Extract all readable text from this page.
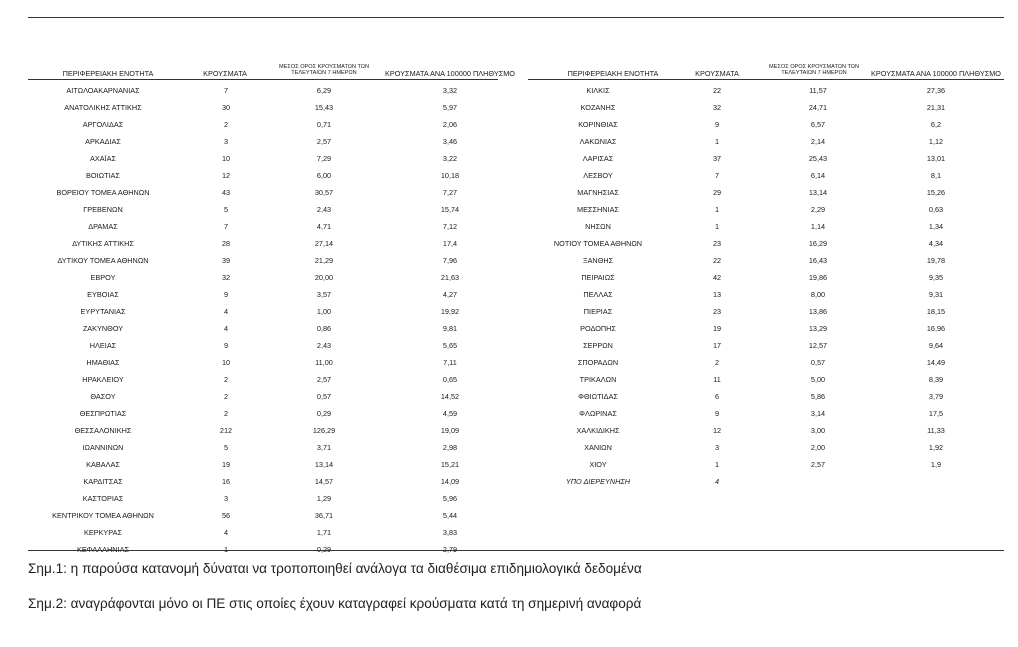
ΠΕΡΙΦΕΡΕΙΑΚΗ ΕΝΟΤΗΤΑ	ΚΡΟΥΣΜΑΤΑ
ΜΕΣΟΣ ΟΡΟΣ ΚΡΟΥΣΜΑΤΩΝ ΤΩΝ
ΤΕΛΕΥΤΑΙΩΝ 7 ΗΜΕΡΩΝ	ΚΡΟΥΣΜΑΤΑ ΑΝΑ 100000 ΠΛΗΘΥΣΜΟ
ΑΙΤΩΛΟΑΚΑΡΝΑΝΙΑΣ	7	6,29	3,32
ΑΝΑΤΟΛΙΚΗΣ ΑΤΤΙΚΗΣ	30	15,43	5,97
ΑΡΓΟΛΙΔΑΣ	2	0,71	2,06
ΑΡΚΑΔΙΑΣ	3	2,57	3,46
ΑΧΑΪΑΣ	10	7,29	3,22
ΒΟΙΩΤΙΑΣ	12	6,00	10,18
ΒΟΡΕΙΟΥ ΤΟΜΕΑ ΑΘΗΝΩΝ	43	30,57	7,27
ΓΡΕΒΕΝΩΝ	5	2,43	15,74
ΔΡΑΜΑΣ	7	4,71	7,12
ΔΥΤΙΚΗΣ ΑΤΤΙΚΗΣ	28	27,14	17,4
ΔΥΤΙΚΟΥ ΤΟΜΕΑ ΑΘΗΝΩΝ	39	21,29	7,96
ΕΒΡΟΥ	32	20,00	21,63
ΕΥΒΟΙΑΣ	9	3,57	4,27
ΕΥΡΥΤΑΝΙΑΣ	4	1,00	19,92
ΖΑΚΥΝΘΟΥ	4	0,86	9,81
ΗΛΕΙΑΣ	9	2,43	5,65
ΗΜΑΘΙΑΣ	10	11,00	7,11
ΗΡΑΚΛΕΙΟΥ	2	2,57	0,65
ΘΑΣΟΥ	2	0,57	14,52
ΘΕΣΠΡΩΤΙΑΣ	2	0,29	4,59
ΘΕΣΣΑΛΟΝΙΚΗΣ	212	126,29	19,09
ΙΩΑΝΝΙΝΩΝ	5	3,71	2,98
ΚΑΒΑΛΑΣ	19	13,14	15,21
ΚΑΡΔΙΤΣΑΣ	16	14,57	14,09
ΚΑΣΤΟΡΙΑΣ	3	1,29	5,96
ΚΕΝΤΡΙΚΟΥ ΤΟΜΕΑ ΑΘΗΝΩΝ	56	36,71	5,44
ΚΕΡΚΥΡΑΣ	4	1,71	3,83
ΚΕΦΑΛΛΗΝΙΑΣ	1	0,29	2,79
ΠΕΡΙΦΕΡΕΙΑΚΗ ΕΝΟΤΗΤΑ	ΚΡΟΥΣΜΑΤΑ
ΜΕΣΟΣ ΟΡΟΣ ΚΡΟΥΣΜΑΤΩΝ ΤΩΝ
ΤΕΛΕΥΤΑΙΩΝ 7 ΗΜΕΡΩΝ	ΚΡΟΥΣΜΑΤΑ ΑΝΑ 100000 ΠΛΗΘΥΣΜΟ
ΚΙΛΚΙΣ	22	11,57	27,36
ΚΟΖΑΝΗΣ	32	24,71	21,31
ΚΟΡΙΝΘΙΑΣ	9	6,57	6,2
ΛΑΚΩΝΙΑΣ	1	2,14	1,12
ΛΑΡΙΣΑΣ	37	25,43	13,01
ΛΕΣΒΟΥ	7	6,14	8,1
ΜΑΓΝΗΣΙΑΣ	29	13,14	15,26
ΜΕΣΣΗΝΙΑΣ	1	2,29	0,63
ΝΗΣΩΝ	1	1,14	1,34
ΝΟΤΙΟΥ ΤΟΜΕΑ ΑΘΗΝΩΝ	23	16,29	4,34
ΞΑΝΘΗΣ	22	16,43	19,78
ΠΕΙΡΑΙΩΣ	42	19,86	9,35
ΠΕΛΛΑΣ	13	8,00	9,31
ΠΙΕΡΙΑΣ	23	13,86	18,15
ΡΟΔΟΠΗΣ	19	13,29	16,96
ΣΕΡΡΩΝ	17	12,57	9,64
ΣΠΟΡΑΔΩΝ	2	0,57	14,49
ΤΡΙΚΑΛΩΝ	11	5,00	8,39
ΦΘΙΩΤΙΔΑΣ	6	5,86	3,79
ΦΛΩΡΙΝΑΣ	9	3,14	17,5
ΧΑΛΚΙΔΙΚΗΣ	12	3,00	11,33
ΧΑΝΙΩΝ	3	2,00	1,92
ΧΙΟΥ	1	2,57	1,9
ΥΠΟ ΔΙΕΡΕΥΝΗΣΗ	4
Σημ.1: η παρούσα κατανομή δύναται να τροποποιηθεί ανάλογα τα διαθέσιμα επιδημιολογικά δεδομένα
Σημ.2: αναγράφονται μόνο οι ΠΕ στις οποίες έχουν καταγραφεί κρούσματα κατά τη σημερινή αναφορά
